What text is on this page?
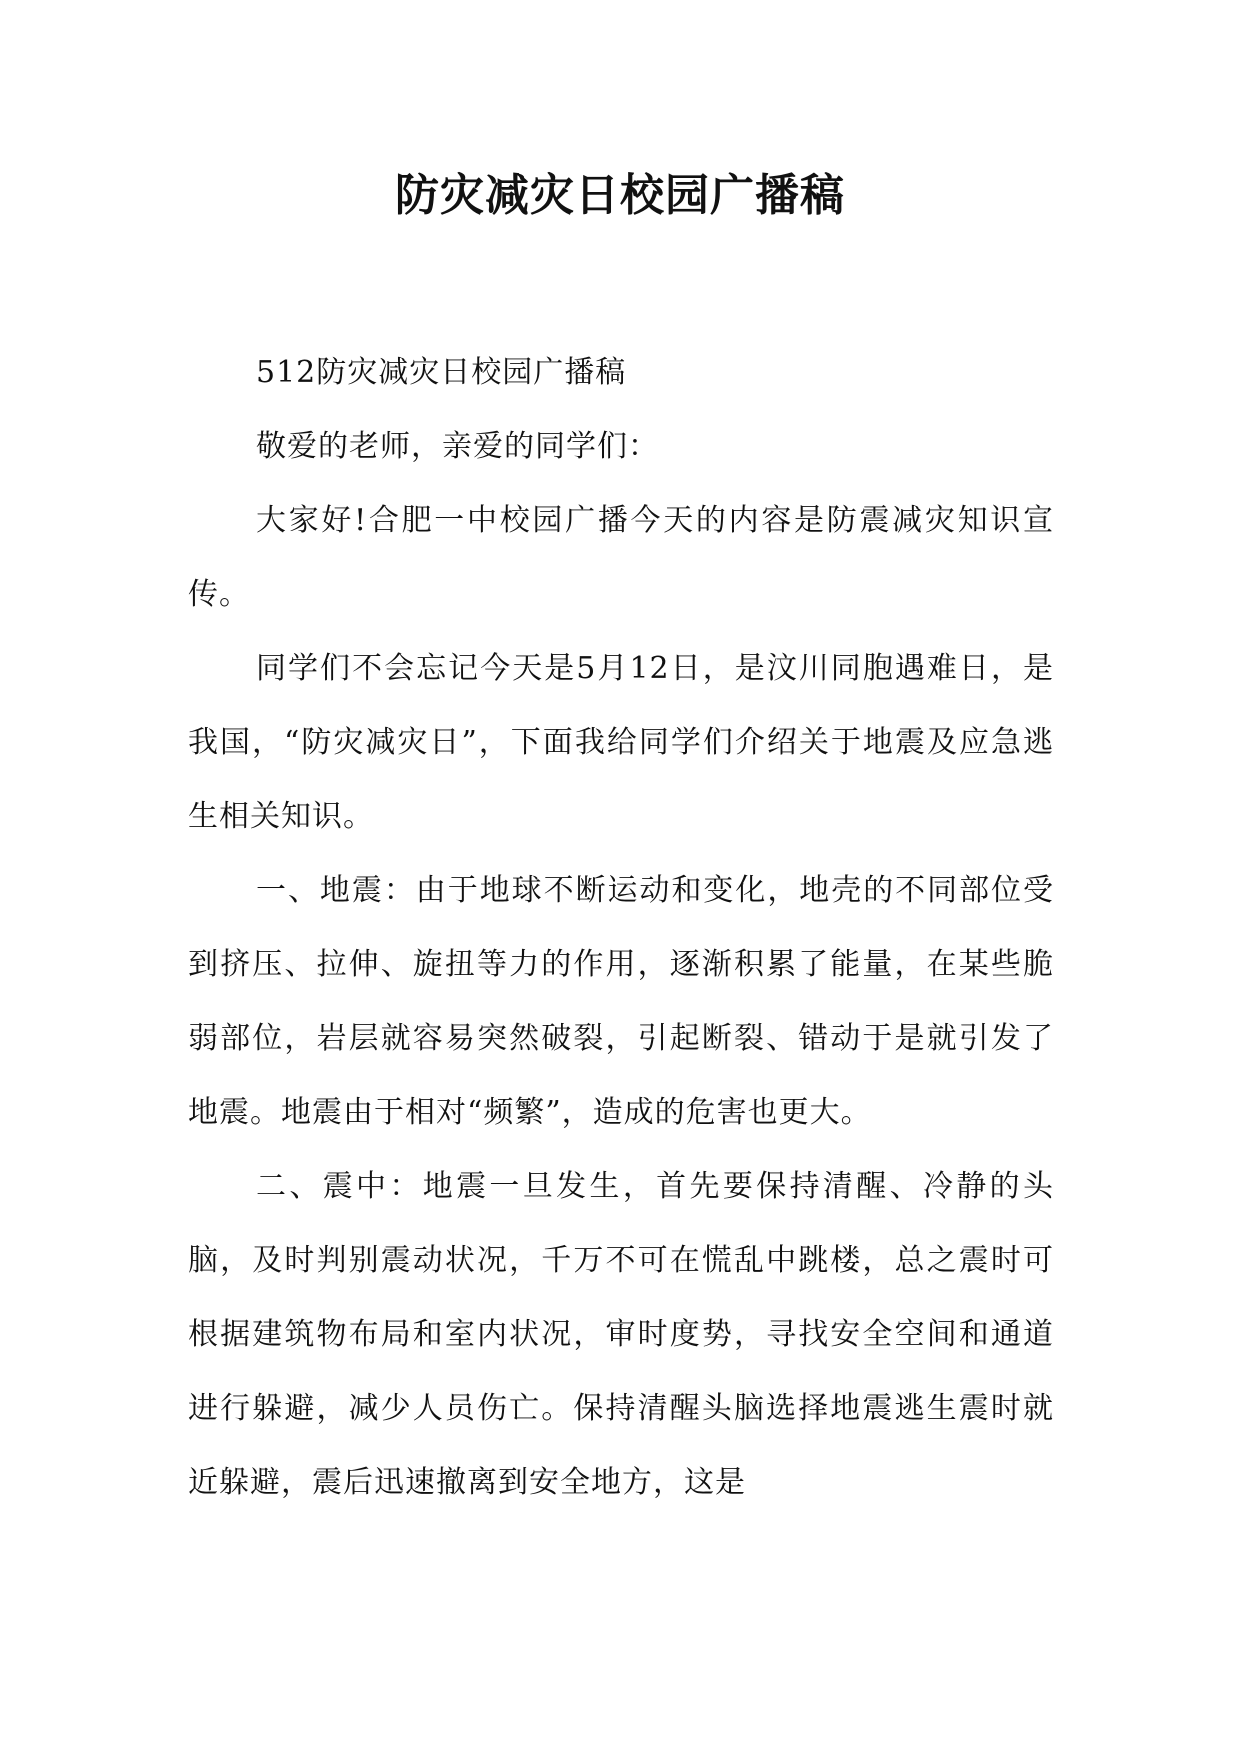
防灾减灾日校园广播稿

512防灾减灾日校园广播稿

敬爱的老师，亲爱的同学们：

大家好!合肥一中校园广播今天的内容是防震减灾知识宣传。

同学们不会忘记今天是5月12日，是汶川同胞遇难日，是我国，“防灾减灾日”，下面我给同学们介绍关于地震及应急逃生相关知识。

一、地震：由于地球不断运动和变化，地壳的不同部位受到挤压、拉伸、旋扭等力的作用，逐渐积累了能量，在某些脆弱部位，岩层就容易突然破裂，引起断裂、错动于是就引发了地震。地震由于相对“频繁”，造成的危害也更大。

二、震中：地震一旦发生，首先要保持清醒、冷静的头脑，及时判别震动状况，千万不可在慌乱中跳楼，总之震时可根据建筑物布局和室内状况，审时度势，寻找安全空间和通道进行躲避，减少人员伤亡。保持清醒头脑选择地震逃生震时就近躲避，震后迅速撤离到安全地方，这是
